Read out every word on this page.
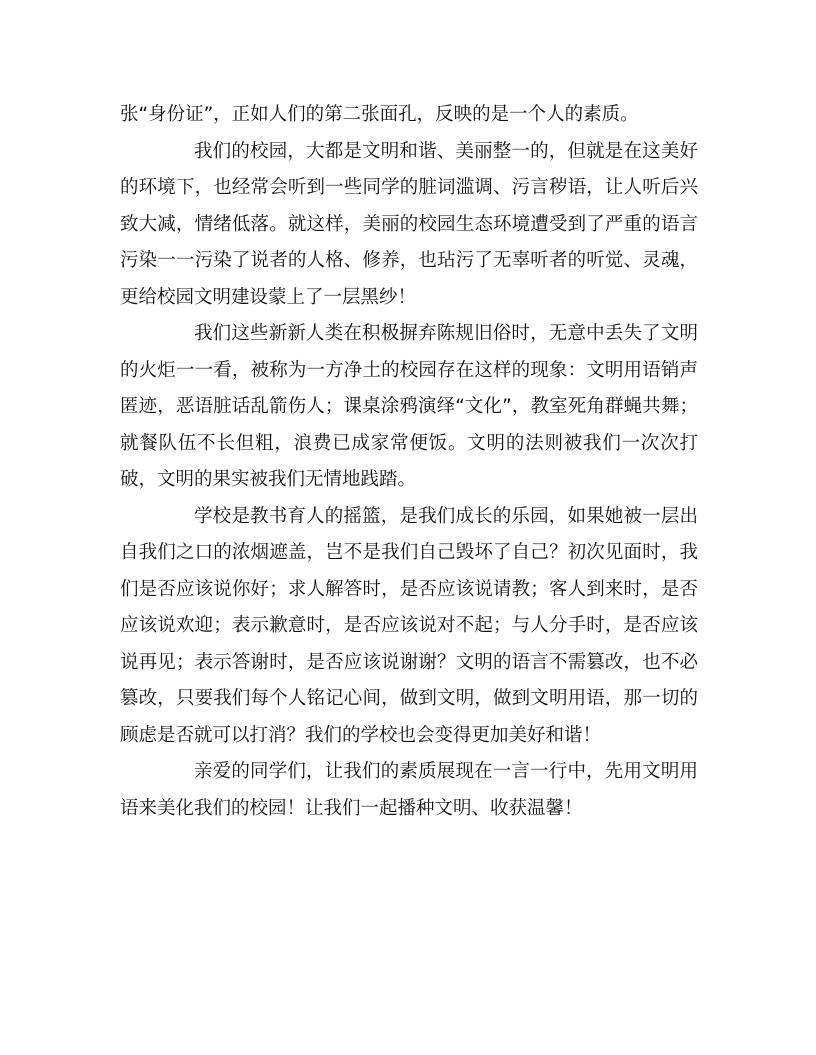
张“身份证”，正如人们的第二张面孔，反映的是一个人的素质。

我们的校园，大都是文明和谐、美丽整一的，但就是在这美好的环境下，也经常会听到一些同学的脏词滥调、污言秽语，让人听后兴致大减，情绪低落。就这样，美丽的校园生态环境遭受到了严重的语言污染一一污染了说者的人格、修养，也玷污了无辜听者的听觉、灵魂，更给校园文明建设蒙上了一层黑纱！

我们这些新新人类在积极摒弃陈规旧俗时，无意中丢失了文明的火炬一一看，被称为一方净土的校园存在这样的现象：文明用语销声匿迹，恶语脏话乱箭伤人；课桌涂鸦演绎“文化”，教室死角群蝇共舞；就餐队伍不长但粗，浪费已成家常便饭。文明的法则被我们一次次打破，文明的果实被我们无情地践踏。

学校是教书育人的摇篮，是我们成长的乐园，如果她被一层出自我们之口的浓烟遮盖，岂不是我们自己毁坏了自己？初次见面时，我们是否应该说你好；求人解答时，是否应该说请教；客人到来时，是否应该说欢迎；表示歉意时，是否应该说对不起；与人分手时，是否应该说再见；表示答谢时，是否应该说谢谢？文明的语言不需篡改，也不必篡改，只要我们每个人铭记心间，做到文明，做到文明用语，那一切的顾虑是否就可以打消？我们的学校也会变得更加美好和谐！

亲爱的同学们，让我们的素质展现在一言一行中，先用文明用语来美化我们的校园！让我们一起播种文明、收获温馨！
